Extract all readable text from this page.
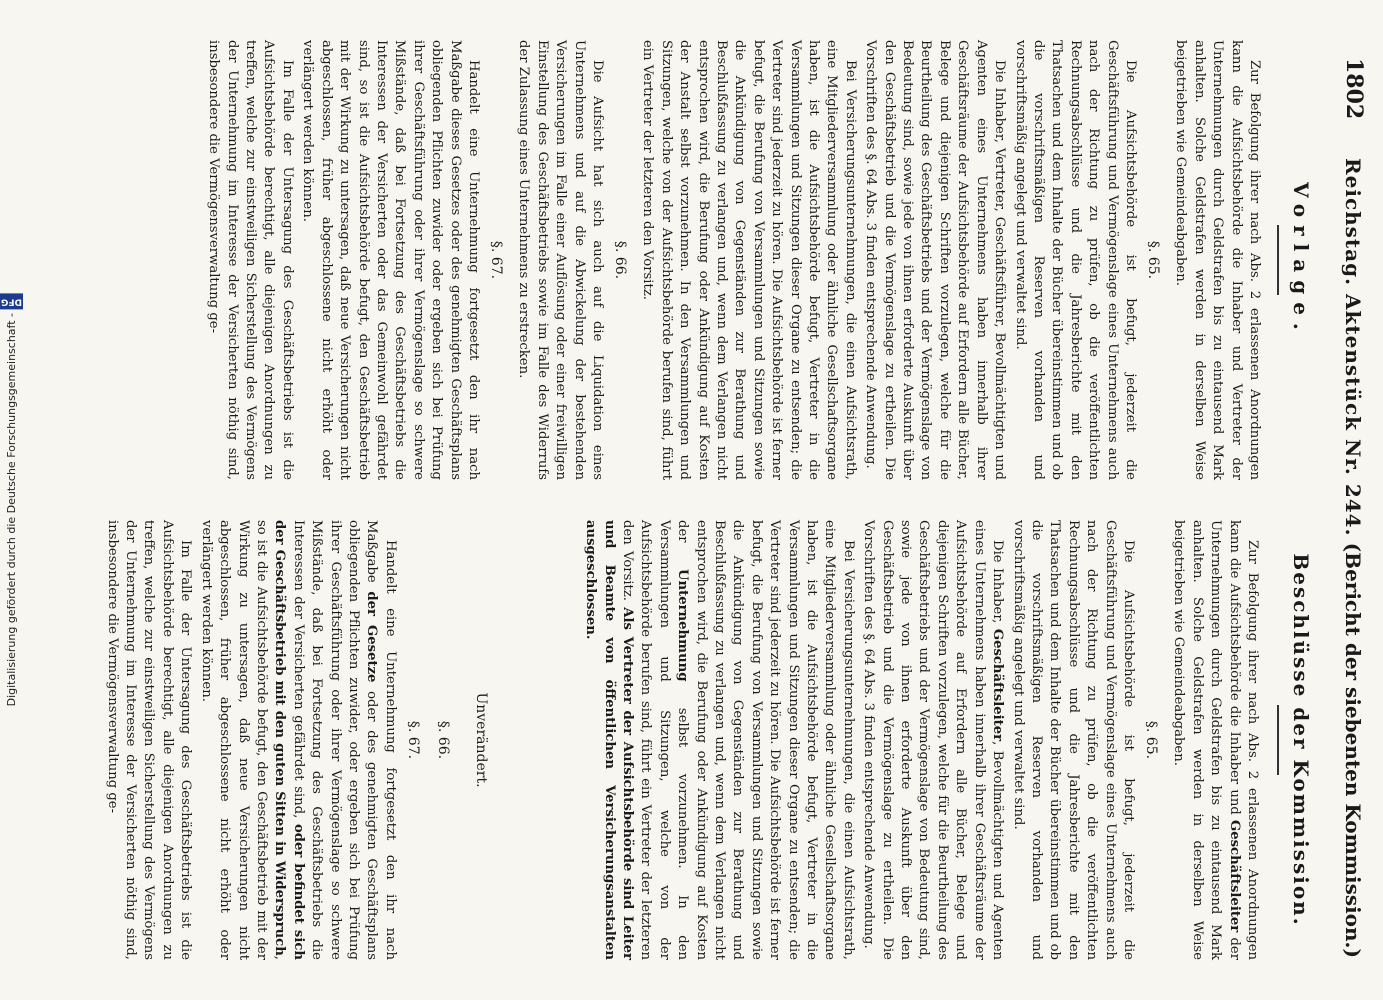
1802
Reichstag. Aktenstück Nr. 244.
(Bericht der siebenten Kommission.)
Vorlage.

Zur Befolgung ihrer nach Abs. 2 erlassenen Anordnungen kann die Aufsichtsbehörde die Inhaber und Vertreter der Unternehmungen durch Geldstrafen bis zu eintausend Mark anhalten. Solche Geldstrafen werden in derselben Weise beigetrieben wie Gemeindeabgaben.

§. 65.

Die Aufsichtsbehörde ist befugt, jederzeit die Geschäftsführung und Vermögenslage eines Unternehmens auch nach der Richtung zu prüfen, ob die veröffentlichten Rechnungsabschlüsse und die Jahresberichte mit den Thatsachen und dem Inhalte der Bücher übereinstimmen und ob die vorschriftsmäßigen Reserven vorhanden und vorschriftsmäßig angelegt und verwaltet sind.

Die Inhaber, Vertreter, Geschäftsführer, Bevollmächtigten und Agenten eines Unternehmens haben innerhalb ihrer Geschäftsräume der Aufsichtsbehörde auf Erfordern alle Bücher, Belege und diejenigen Schriften vorzulegen, welche für die Beurtheilung des Geschäftsbetriebs und der Vermögenslage von Bedeutung sind, sowie jede von ihnen erforderte Auskunft über den Geschäftsbetrieb und die Vermögenslage zu ertheilen. Die Vorschriften des §. 64 Abs. 3 finden entsprechende Anwendung.

Bei Versicherungsunternehmungen, die einen Aufsichtsrath, eine Mitgliederversammlung oder ähnliche Gesellschaftsorgane haben, ist die Aufsichtsbehörde befugt, Vertreter in die Versammlungen und Sitzungen dieser Organe zu entsenden; die Vertreter sind jederzeit zu hören. Die Aufsichtsbehörde ist ferner befugt, die Berufung von Versammlungen und Sitzungen sowie die Ankündigung von Gegenständen zur Berathung und Beschlußfassung zu verlangen und, wenn dem Verlangen nicht entsprochen wird, die Berufung oder Ankündigung auf Kosten der Anstalt selbst vorzunehmen. In den Versammlungen und Sitzungen, welche von der Aufsichtsbehörde berufen sind, führt ein Vertreter der letzteren den Vorsitz.

§. 66.

Die Aufsicht hat sich auch auf die Liquidation eines Unternehmens und auf die Abwickelung der bestehenden Versicherungen im Falle einer Auflösung oder einer freiwilligen Einstellung des Geschäftsbetriebs sowie im Falle des Widerrufs der Zulassung eines Unternehmens zu erstrecken.

§. 67.

Handelt eine Unternehmung fortgesetzt den ihr nach Maßgabe dieses Gesetzes oder des genehmigten Geschäftsplans obliegenden Pflichten zuwider oder ergeben sich bei Prüfung ihrer Geschäftsführung oder ihrer Vermögenslage so schwere Mißstände, daß bei Fortsetzung des Geschäftsbetriebs die Interessen der Versicherten oder das Gemeinwohl gefährdet sind, so ist die Aufsichtsbehörde befugt, den Geschäftsbetrieb mit der Wirkung zu untersagen, daß neue Versicherungen nicht abgeschlossen, früher abgeschlossene nicht erhöht oder verlängert werden können.

Im Falle der Untersagung des Geschäftsbetriebs ist die Aufsichtsbehörde berechtigt, alle diejenigen Anordnungen zu treffen, welche zur einstweiligen Sicherstellung des Vermögens der Unternehmung im Interesse der Versicherten nöthig sind, insbesondere die Vermögensverwaltung ge-

Beschlüsse der Kommission.

Zur Befolgung ihrer nach Abs. 2 erlassenen Anordnungen kann die Aufsichtsbehörde die Inhaber und Geschäftsleiter der Unternehmungen durch Geldstrafen bis zu eintausend Mark anhalten. Solche Geldstrafen werden in derselben Weise beigetrieben wie Gemeindeabgaben.

§. 65.

Die Aufsichtsbehörde ist befugt, jederzeit die Geschäftsführung und Vermögenslage eines Unternehmens auch nach der Richtung zu prüfen, ob die veröffentlichten Rechnungsabschlüsse und die Jahresberichte mit den Thatsachen und dem Inhalte der Bücher übereinstimmen und ob die vorschriftsmäßigen Reserven vorhanden und vorschriftsmäßig angelegt und verwaltet sind.

Die Inhaber, Geschäftsleiter, Bevollmächtigten und Agenten eines Unternehmens haben innerhalb ihrer Geschäftsräume der Aufsichtsbehörde auf Erfordern alle Bücher, Belege und diejenigen Schriften vorzulegen, welche für die Beurtheilung des Geschäftsbetriebs und der Vermögenslage von Bedeutung sind, sowie jede von ihnen erforderte Auskunft über den Geschäftsbetrieb und die Vermögenslage zu ertheilen. Die Vorschriften des §. 64 Abs. 3 finden entsprechende Anwendung.

Bei Versicherungsunternehmungen, die einen Aufsichtsrath, eine Mitgliederversammlung oder ähnliche Gesellschaftsorgane haben, ist die Aufsichtsbehörde befugt, Vertreter in die Versammlungen und Sitzungen dieser Organe zu entsenden; die Vertreter sind jederzeit zu hören. Die Aufsichtsbehörde ist ferner befugt, die Berufung von Versammlungen und Sitzungen sowie die Ankündigung von Gegenständen zur Berathung und Beschlußfassung zu verlangen und, wenn dem Verlangen nicht entsprochen wird, die Berufung oder Ankündigung auf Kosten der Unternehmung selbst vorzunehmen. In den Versammlungen und Sitzungen, welche von der Aufsichtsbehörde berufen sind, führt ein Vertreter der letzteren den Vorsitz. Als Vertreter der Aufsichtsbehörde sind Leiter und Beamte von öffentlichen Versicherungsanstalten ausgeschlossen.

Unverändert.
§. 66.
§. 67.

Handelt eine Unternehmung fortgesetzt den ihr nach Maßgabe der Gesetze oder des genehmigten Geschäftsplans obliegenden Pflichten zuwider, oder ergeben sich bei Prüfung ihrer Geschäftsführung oder ihrer Vermögenslage so schwere Mißstände, daß bei Fortsetzung des Geschäftsbetriebs die Interessen der Versicherten gefährdet sind, oder befindet sich der Geschäftsbetrieb mit den guten Sitten in Widerspruch, so ist die Aufsichtsbehörde befugt, den Geschäftsbetrieb mit der Wirkung zu untersagen, daß neue Versicherungen nicht abgeschlossen, früher abgeschlossene nicht erhöht oder verlängert werden können.

Im Falle der Untersagung des Geschäftsbetriebs ist die Aufsichtsbehörde berechtigt, alle diejenigen Anordnungen zu treffen, welche zur einstweiligen Sicherstellung des Vermögens der Unternehmung im Interesse der Versicherten nöthig sind, insbesondere die Vermögensverwaltung ge-

Digitalisierung gefördert durch die Deutsche Forschungsgemeinschaft -
DFG
